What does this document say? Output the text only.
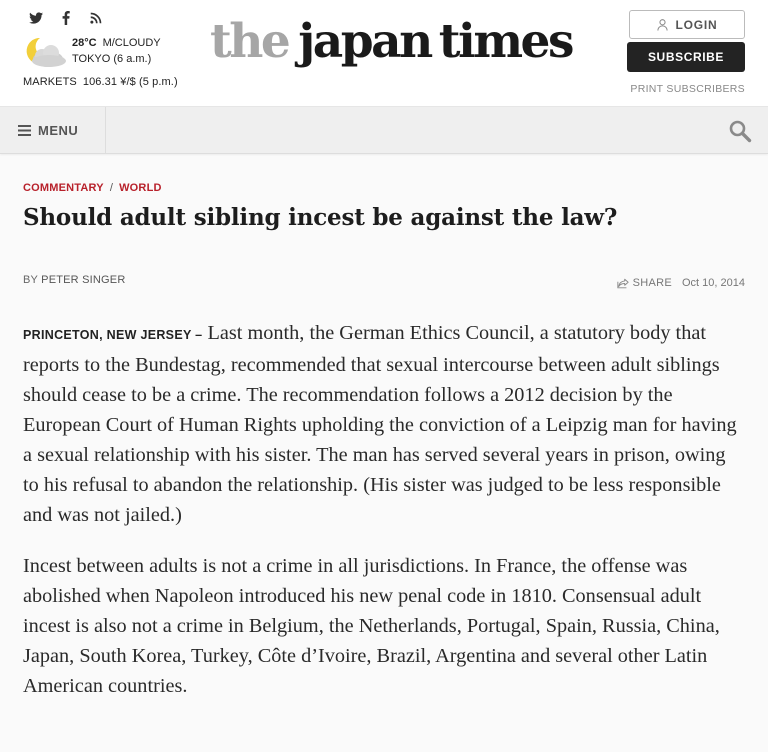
28°C M/CLOUDY
TOKYO (6 a.m.)
MARKETS 106.31 ¥/$ (5 p.m.)
the japan times	LOGIN
SUBSCRIBE
PRINT SUBSCRIBERS
MENU
COMMENTARY / WORLD
Should adult sibling incest be against the law?
BY PETER SINGER	SHARE Oct 10, 2014

PRINCETON, NEW JERSEY – Last month, the German Ethics Council, a statutory body that reports to the Bundestag, recommended that sexual intercourse between adult siblings should cease to be a crime. The recommendation follows a 2012 decision by the European Court of Human Rights upholding the conviction of a Leipzig man for having a sexual relationship with his sister. The man has served several years in prison, owing to his refusal to abandon the relationship. (His sister was judged to be less responsible and was not jailed.)

Incest between adults is not a crime in all jurisdictions. In France, the offense was abolished when Napoleon introduced his new penal code in 1810. Consensual adult incest is also not a crime in Belgium, the Netherlands, Portugal, Spain, Russia, China, Japan, South Korea, Turkey, Côte d’Ivoire, Brazil, Argentina and several other Latin American countries.
